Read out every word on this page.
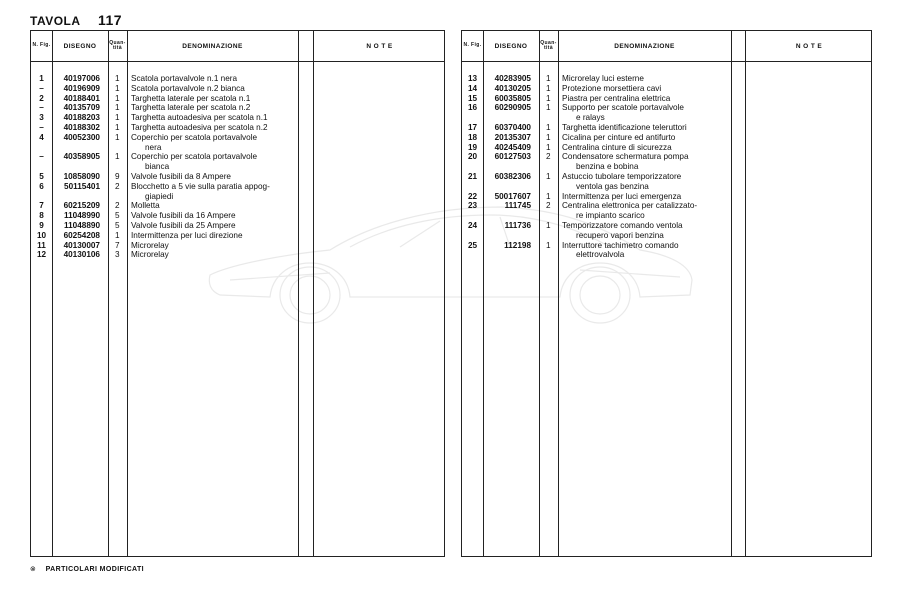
TAVOLA 117
N. Fig.	DISEGNO	Quan- tità	DENOMINAZIONE	N O T E
1	40197006 1 Scatola portavalvole n.1 nera
–	40196909 1 Scatola portavalvole n.2 bianca
2	40188401 1 Targhetta laterale per scatola n.1
–	40135709 1 Targhetta laterale per scatola n.2
3	40188203 1 Targhetta autoadesiva per scatola n.1
–	40188302 1 Targhetta autoadesiva per scatola n.2
4	40052300 1 Coperchio per scatola portavalvole
nera
–	40358905 1 Coperchio per scatola portavalvole
bianca
5	10858090 9 Valvole fusibili da 8 Ampere
6	50115401 2 Blocchetto a 5 vie sulla paratia appog-
giapiedi
7	60215209 2 Molletta
8	11048990 5 Valvole fusibili da 16 Ampere
9	11048890 5 Valvole fusibili da 25 Ampere
10	60254208 1 Intermittenza per luci direzione
11	40130007 7 Microrelay
12	40130106 3 Microrelay
N. Fig.	DISEGNO	Quan- tità	DENOMINAZIONE	N O T E
13	40283905 1 Microrelay luci esterne
14	40130205 1 Protezione morsettiera cavi
15	60035805 1 Piastra per centralina elettrica
16	60290905 1 Supporto per scatole portavalvole
e ralays
17	60370400 1 Targhetta identificazione teleruttori
18	20135307 1 Cicalina per cinture ed antifurto
19	40245409 1 Centralina cinture di sicurezza
20	60127503 2 Condensatore schermatura pompa
benzina e bobina
21	60382306 1 Astuccio tubolare temporizzatore
ventola gas benzina
22	50017607 1 Intermittenza per luci emergenza
23	111745 2 Centralina elettronica per catalizzato-
re impianto scarico
24	111736 1 Temporizzatore comando ventola
recupero vapori benzina
25	112198 1 Interruttore tachimetro comando
elettrovalvola
⊗ PARTICOLARI MODIFICATI
